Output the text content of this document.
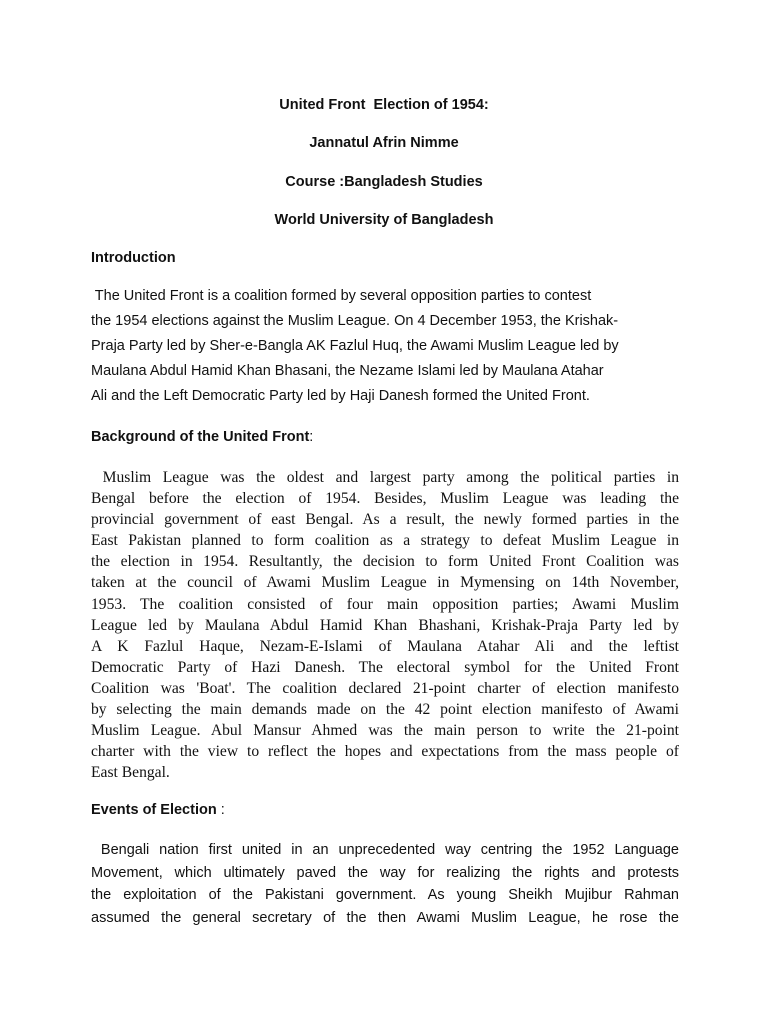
United Front  Election of 1954:
Jannatul Afrin Nimme
Course :Bangladesh Studies
World University of Bangladesh
Introduction
The United Front is a coalition formed by several opposition parties to contest
the 1954 elections against the Muslim League. On 4 December 1953, the Krishak-
Praja Party led by Sher-e-Bangla AK Fazlul Huq, the Awami Muslim League led by
Maulana Abdul Hamid Khan Bhasani, the Nezame Islami led by Maulana Atahar
Ali and the Left Democratic Party led by Haji Danesh formed the United Front.
Background of the United Front:
Muslim League was the oldest and largest party among the political parties in
Bengal before the election of 1954. Besides, Muslim League was leading the
provincial government of east Bengal. As a result, the newly formed parties in the
East Pakistan planned to form coalition as a strategy to defeat Muslim League in
the election in 1954. Resultantly, the decision to form United Front Coalition was
taken at the council of Awami Muslim League in Mymensing on 14th November,
1953. The coalition consisted of four main opposition parties; Awami Muslim
League led by Maulana Abdul Hamid Khan Bhashani, Krishak-Praja Party led by
A K Fazlul Haque, Nezam-E-Islami of Maulana Atahar Ali and the leftist
Democratic Party of Hazi Danesh. The electoral symbol for the United Front
Coalition was 'Boat'. The coalition declared 21-point charter of election manifesto
by selecting the main demands made on the 42 point election manifesto of Awami
Muslim League. Abul Mansur Ahmed was the main person to write the 21-point
charter with the view to reflect the hopes and expectations from the mass people of
East Bengal.
Events of Election :
Bengali nation first united in an unprecedented way centring the 1952 Language
Movement, which ultimately paved the way for realizing the rights and protests
the exploitation of the Pakistani government. As young Sheikh Mujibur Rahman
assumed the general secretary of the then Awami Muslim League, he rose the
